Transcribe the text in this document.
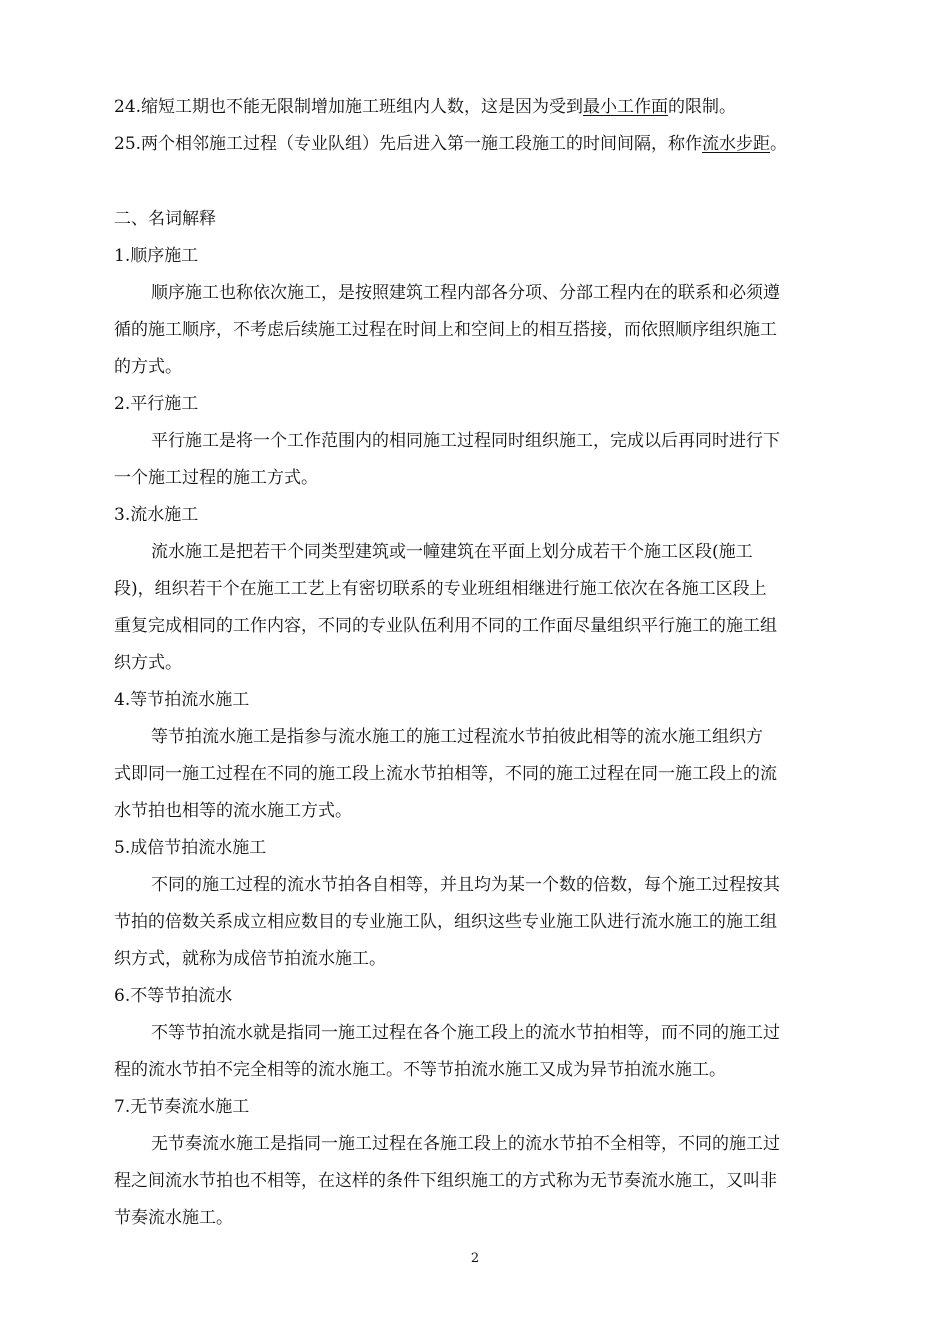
24.缩短工期也不能无限制增加施工班组内人数，这是因为受到最小工作面的限制。
25.两个相邻施工过程（专业队组）先后进入第一施工段施工的时间间隔，称作流水步距。
二、名词解释
1.顺序施工
顺序施工也称依次施工，是按照建筑工程内部各分项、分部工程内在的联系和必须遵
循的施工顺序，不考虑后续施工过程在时间上和空间上的相互搭接，而依照顺序组织施工
的方式。
2.平行施工
平行施工是将一个工作范围内的相同施工过程同时组织施工，完成以后再同时进行下
一个施工过程的施工方式。
3.流水施工
流水施工是把若干个同类型建筑或一幢建筑在平面上划分成若干个施工区段(施工
段)，组织若干个在施工工艺上有密切联系的专业班组相继进行施工依次在各施工区段上
重复完成相同的工作内容，不同的专业队伍利用不同的工作面尽量组织平行施工的施工组
织方式。
4.等节拍流水施工
等节拍流水施工是指参与流水施工的施工过程流水节拍彼此相等的流水施工组织方
式即同一施工过程在不同的施工段上流水节拍相等，不同的施工过程在同一施工段上的流
水节拍也相等的流水施工方式。
5.成倍节拍流水施工
不同的施工过程的流水节拍各自相等，并且均为某一个数的倍数，每个施工过程按其
节拍的倍数关系成立相应数目的专业施工队，组织这些专业施工队进行流水施工的施工组
织方式，就称为成倍节拍流水施工。
6.不等节拍流水
不等节拍流水就是指同一施工过程在各个施工段上的流水节拍相等，而不同的施工过
程的流水节拍不完全相等的流水施工。不等节拍流水施工又成为异节拍流水施工。
7.无节奏流水施工
无节奏流水施工是指同一施工过程在各施工段上的流水节拍不全相等，不同的施工过
程之间流水节拍也不相等，在这样的条件下组织施工的方式称为无节奏流水施工，又叫非
节奏流水施工。
2
